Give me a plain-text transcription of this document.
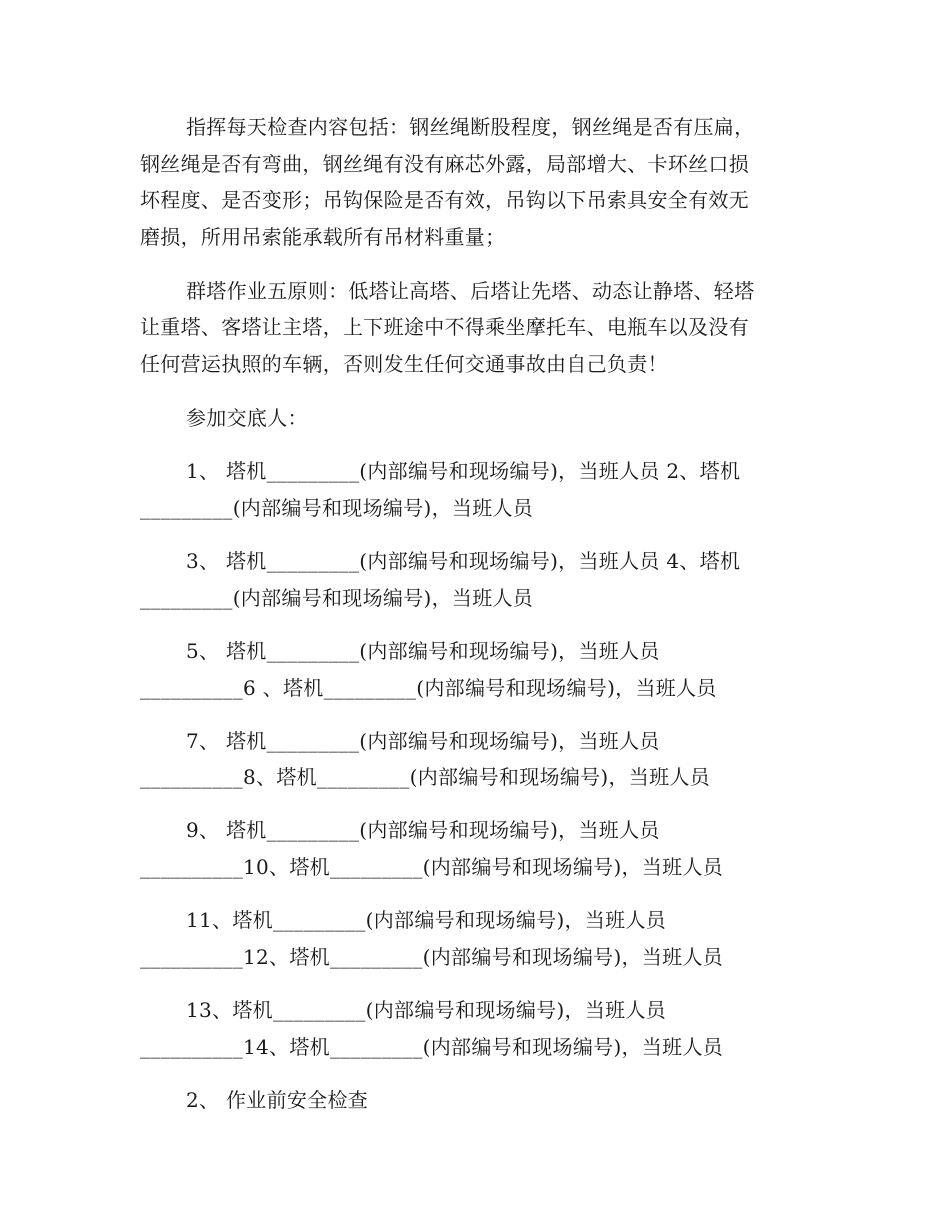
指挥每天检查内容包括：钢丝绳断股程度，钢丝绳是否有压扁，
钢丝绳是否有弯曲，钢丝绳有没有麻芯外露，局部增大、卡环丝口损
坏程度、是否变形；吊钩保险是否有效，吊钩以下吊索具安全有效无
磨损，所用吊索能承载所有吊材料重量；
群塔作业五原则：低塔让高塔、后塔让先塔、动态让静塔、轻塔
让重塔、客塔让主塔，上下班途中不得乘坐摩托车、电瓶车以及没有
任何营运执照的车辆，否则发生任何交通事故由自己负责！
参加交底人：
1、 塔机_________(内部编号和现场编号)，当班人员 2、塔机
_________(内部编号和现场编号)，当班人员
3、 塔机_________(内部编号和现场编号)，当班人员 4、塔机
_________(内部编号和现场编号)，当班人员
5、 塔机_________(内部编号和现场编号)，当班人员
__________6 、塔机_________(内部编号和现场编号)，当班人员
7、 塔机_________(内部编号和现场编号)，当班人员
__________8、塔机_________(内部编号和现场编号)，当班人员
9、 塔机_________(内部编号和现场编号)，当班人员
__________10、塔机_________(内部编号和现场编号)，当班人员
11、塔机_________(内部编号和现场编号)，当班人员
__________12、塔机_________(内部编号和现场编号)，当班人员
13、塔机_________(内部编号和现场编号)，当班人员
__________14、塔机_________(内部编号和现场编号)，当班人员
2、 作业前安全检查
